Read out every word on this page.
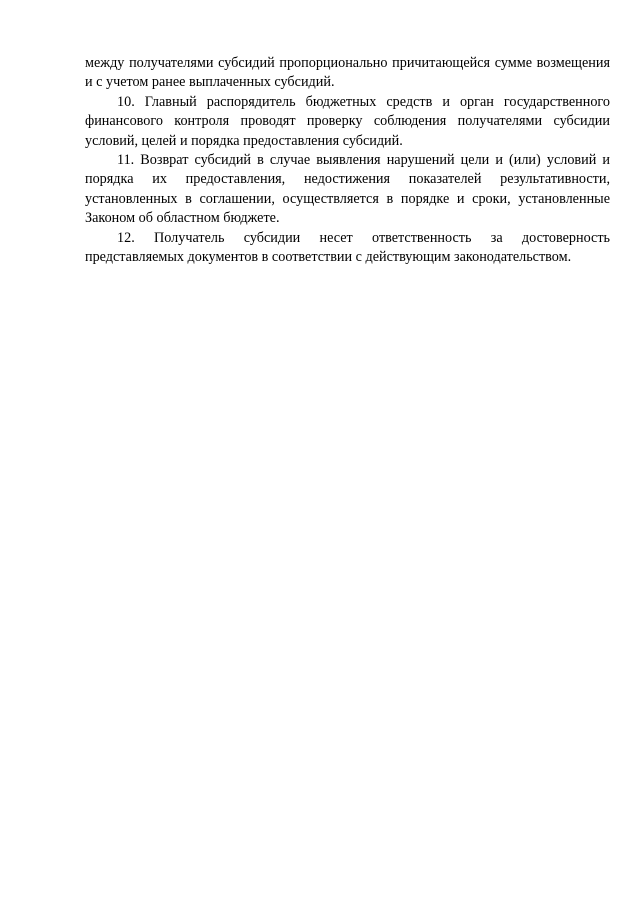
между получателями субсидий пропорционально причитающейся сумме возмещения и с учетом ранее выплаченных субсидий.

10. Главный распорядитель бюджетных средств и орган государственного финансового контроля проводят проверку соблюдения получателями субсидии условий, целей и порядка предоставления субсидий.

11. Возврат субсидий в случае выявления нарушений цели и (или) условий и порядка их предоставления, недостижения показателей результативности, установленных в соглашении, осуществляется в порядке и сроки, установленные Законом об областном бюджете.

12. Получатель субсидии несет ответственность за достоверность представляемых документов в соответствии с действующим законодательством.
